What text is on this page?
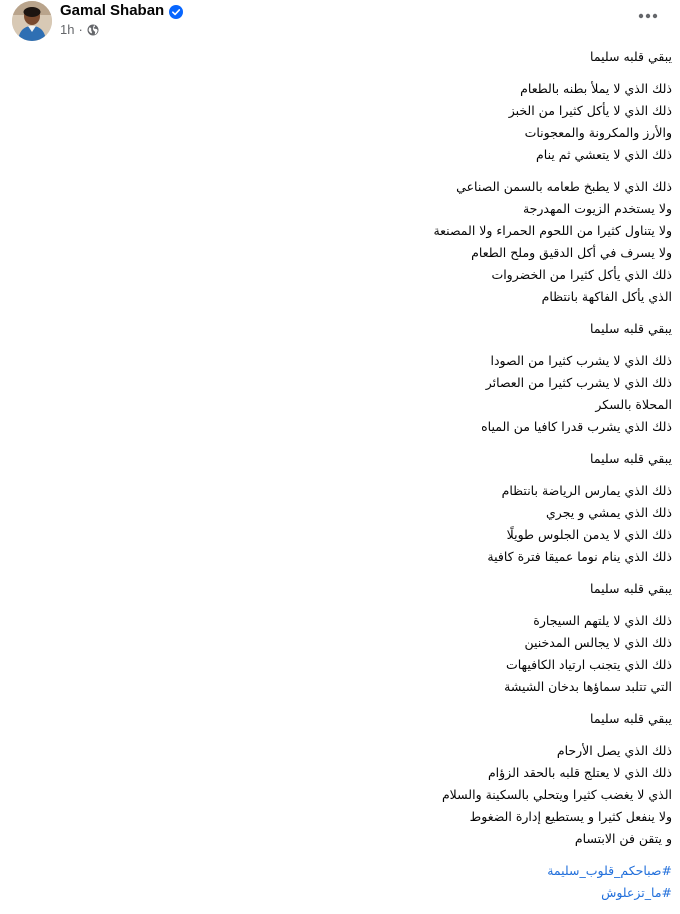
Gamal Shaban
1h ·
يبقي قلبه سليما
ذلك الذي لا يملأ بطنه بالطعام
ذلك الذي لا يأكل كثيرا من الخبز
والأرز والمكرونة والمعجونات
ذلك الذي لا يتعشي ثم ينام
ذلك الذي لا يطبخ طعامه بالسمن الصناعي
ولا يستخدم الزيوت المهدرجة
ولا يتناول كثيرا من اللحوم الحمراء ولا المصنعة
ولا يسرف في أكل الدقيق وملح الطعام
ذلك الذي يأكل كثيرا من الخضروات
الذي يأكل الفاكهة بانتظام
يبقي قلبه سليما
ذلك الذي لا يشرب كثيرا من الصودا
ذلك الذي لا يشرب كثيرا من العصائر
المحلاة بالسكر
ذلك الذي يشرب قدرا كافيا من المياه
يبقي قلبه سليما
ذلك الذي يمارس الرياضة بانتظام
ذلك الذي يمشي و يجري
ذلك الذي لا يدمن الجلوس طويلًا
ذلك الذي ينام نوما عميقا فترة كافية
يبقي قلبه سليما
ذلك الذي لا يلتهم السيجارة
ذلك الذي لا يجالس المدخنين
ذلك الذي يتجنب ارتياد الكافيهات
التي تتلبد سماؤها بدخان الشيشة
يبقي قلبه سليما
ذلك الذي يصل الأرحام
ذلك الذي لا يعتلج قلبه بالحقد الزؤام
الذي لا يغضب كثيرا ويتحلي بالسكينة والسلام
ولا ينفعل كثيرا و يستطيع إدارة الضغوط
و يتقن فن الابتسام
#صباحكم_قلوب_سليمة
#ما_تزعلوش
